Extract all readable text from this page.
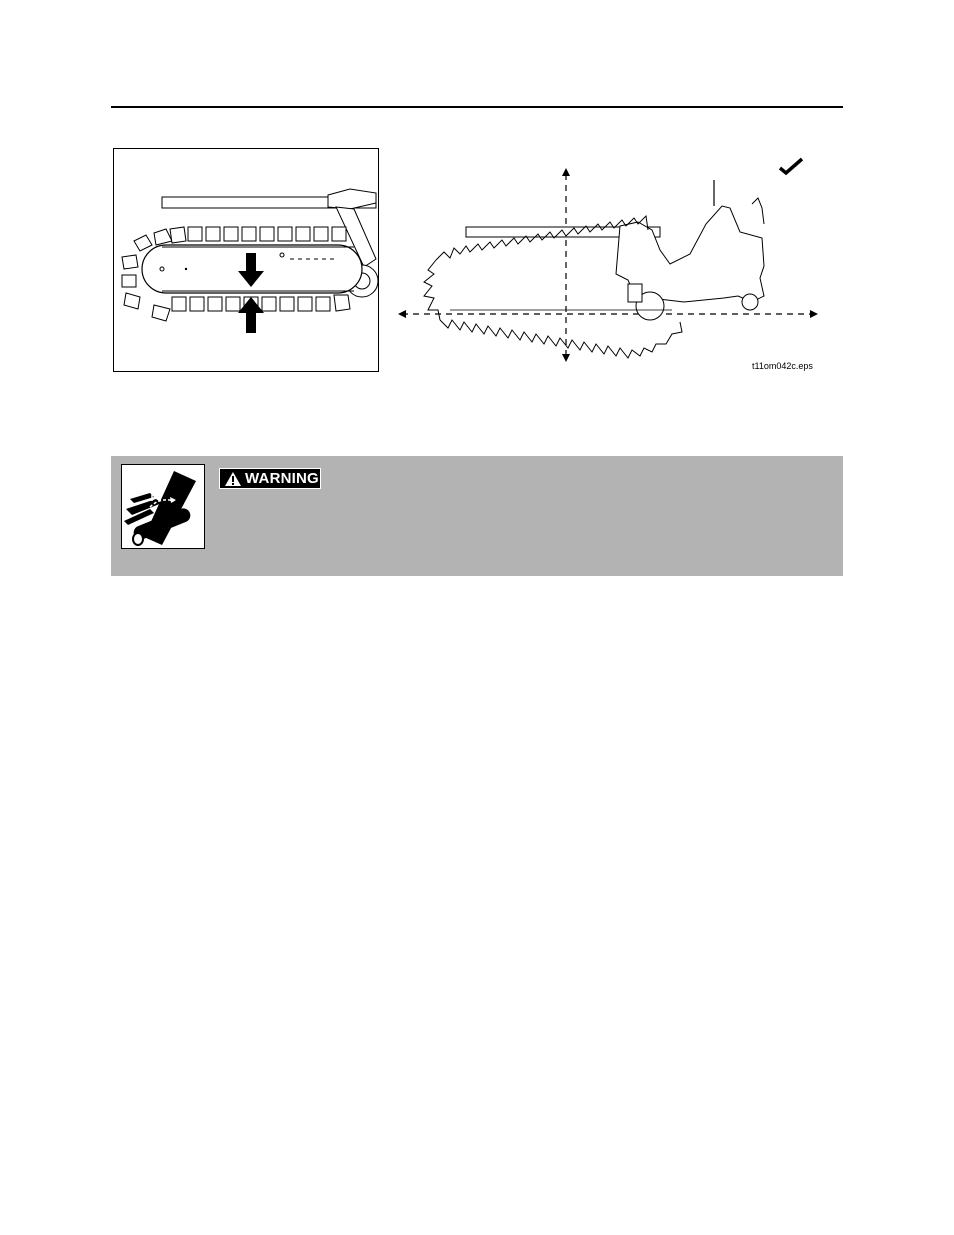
t11om042c.eps
WARNING
